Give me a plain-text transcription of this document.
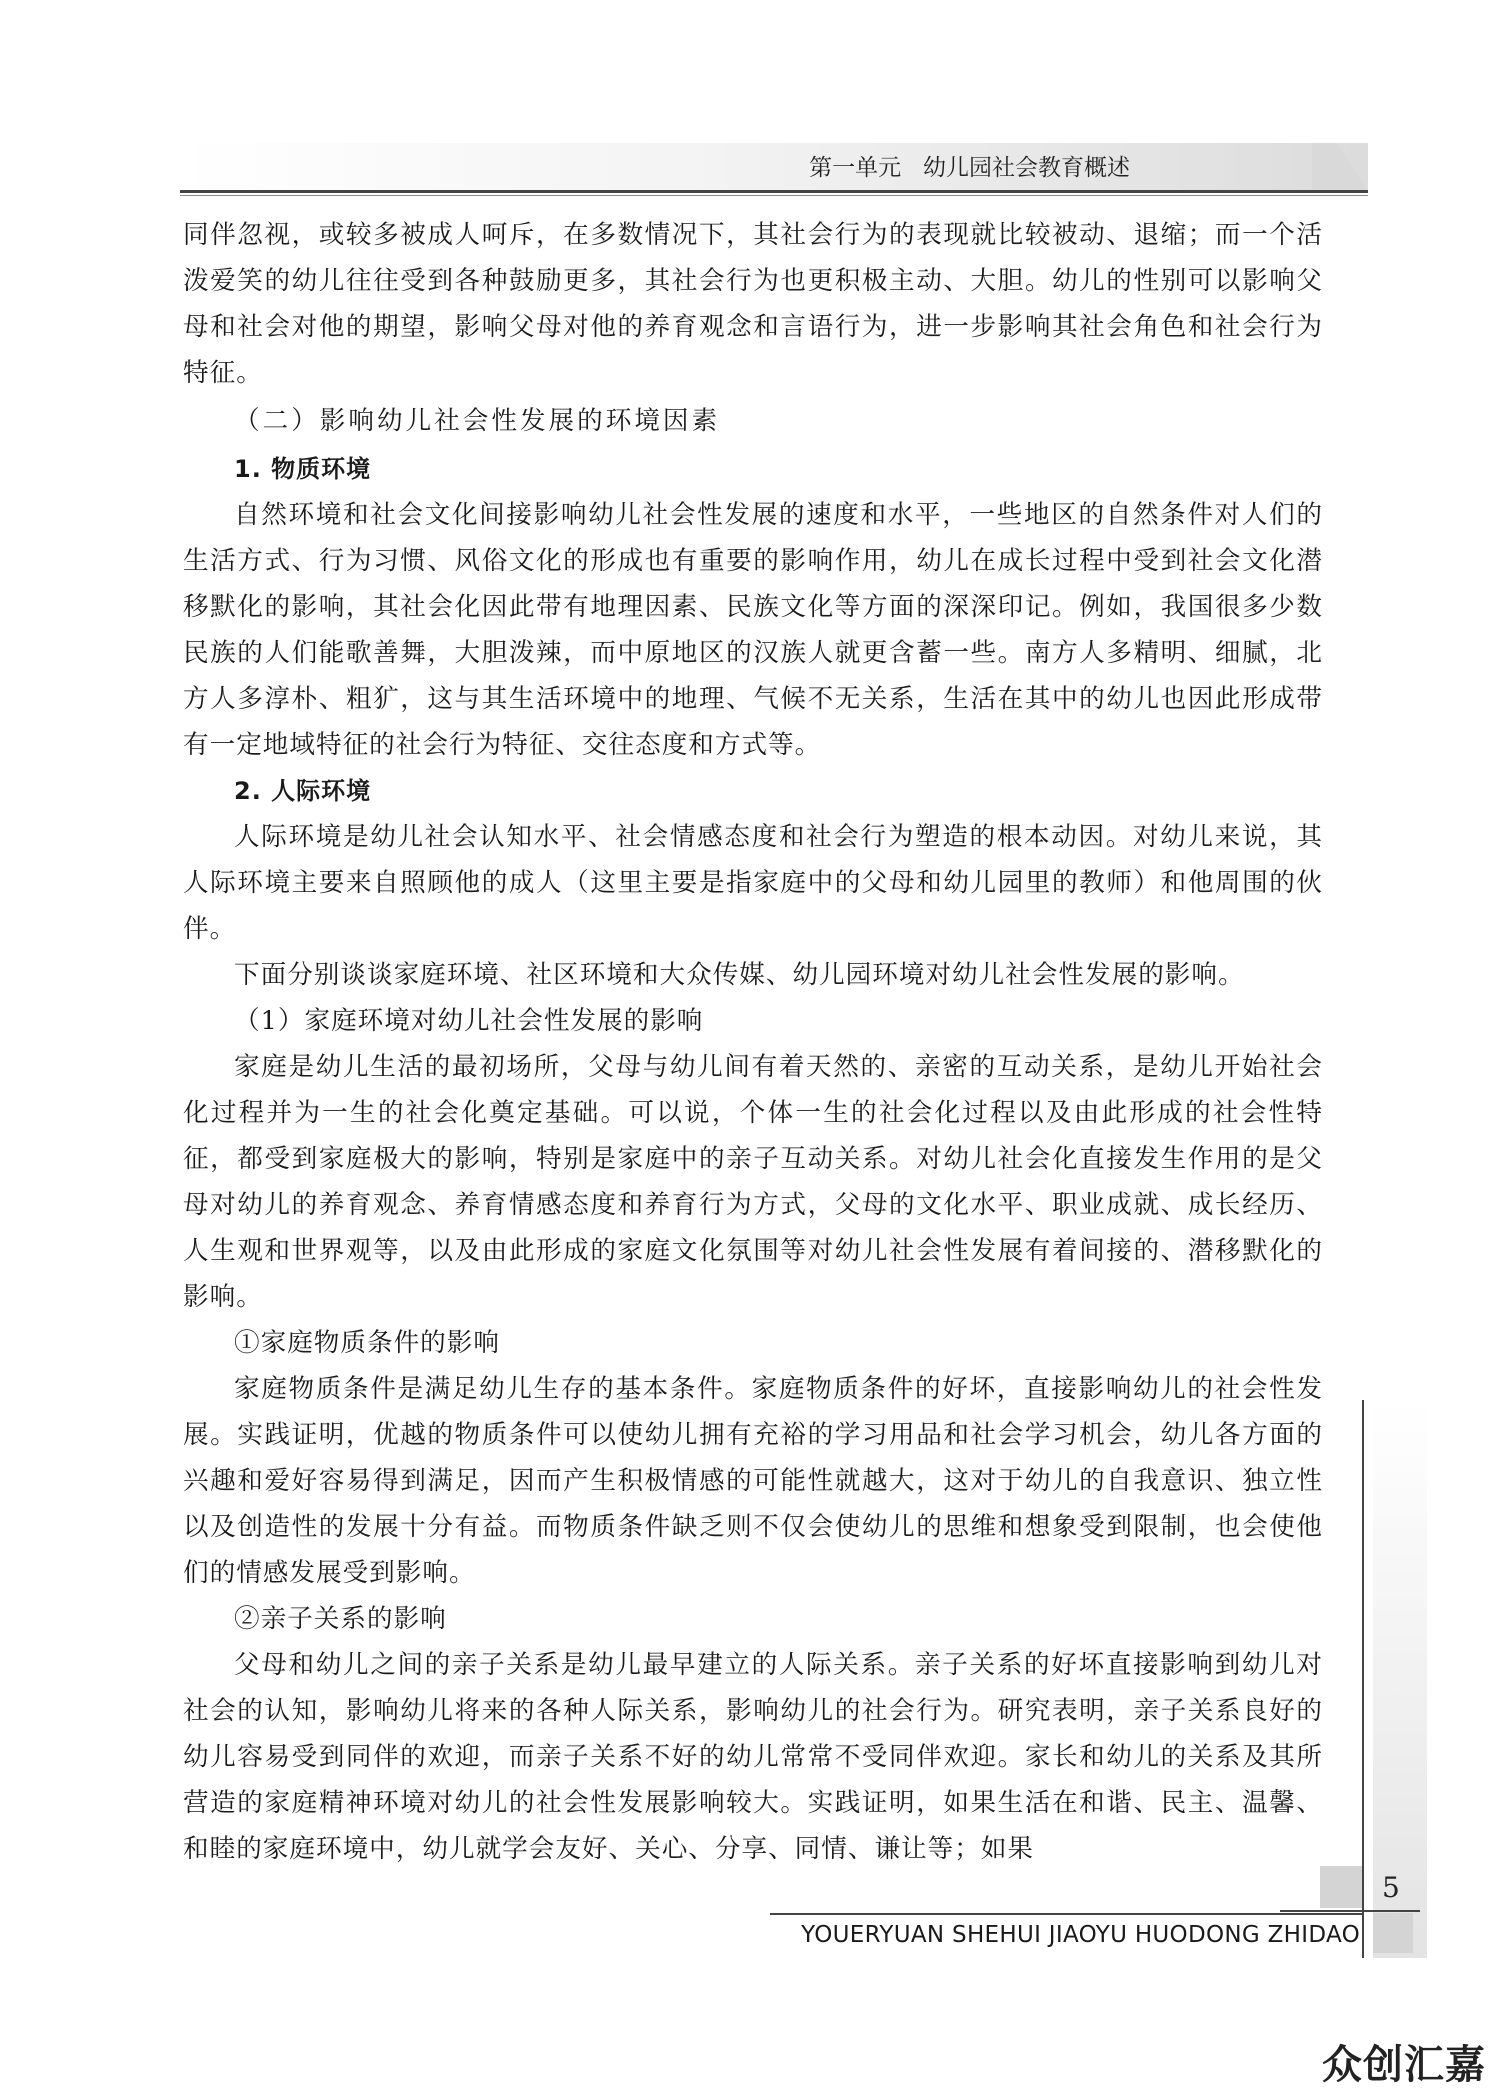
第一单元 幼儿园社会教育概述

同伴忽视，或较多被成人呵斥，在多数情况下，其社会行为的表现就比较被动、退缩；而一个活泼爱笑的幼儿往往受到各种鼓励更多，其社会行为也更积极主动、大胆。幼儿的性别可以影响父母和社会对他的期望，影响父母对他的养育观念和言语行为，进一步影响其社会角色和社会行为特征。

（二）影响幼儿社会性发展的环境因素

1. 物质环境

自然环境和社会文化间接影响幼儿社会性发展的速度和水平，一些地区的自然条件对人们的生活方式、行为习惯、风俗文化的形成也有重要的影响作用，幼儿在成长过程中受到社会文化潜移默化的影响，其社会化因此带有地理因素、民族文化等方面的深深印记。例如，我国很多少数民族的人们能歌善舞，大胆泼辣，而中原地区的汉族人就更含蓄一些。南方人多精明、细腻，北方人多淳朴、粗犷，这与其生活环境中的地理、气候不无关系，生活在其中的幼儿也因此形成带有一定地域特征的社会行为特征、交往态度和方式等。

2. 人际环境

人际环境是幼儿社会认知水平、社会情感态度和社会行为塑造的根本动因。对幼儿来说，其人际环境主要来自照顾他的成人（这里主要是指家庭中的父母和幼儿园里的教师）和他周围的伙伴。

下面分别谈谈家庭环境、社区环境和大众传媒、幼儿园环境对幼儿社会性发展的影响。

（1）家庭环境对幼儿社会性发展的影响

家庭是幼儿生活的最初场所，父母与幼儿间有着天然的、亲密的互动关系，是幼儿开始社会化过程并为一生的社会化奠定基础。可以说，个体一生的社会化过程以及由此形成的社会性特征，都受到家庭极大的影响，特别是家庭中的亲子互动关系。对幼儿社会化直接发生作用的是父母对幼儿的养育观念、养育情感态度和养育行为方式，父母的文化水平、职业成就、成长经历、人生观和世界观等，以及由此形成的家庭文化氛围等对幼儿社会性发展有着间接的、潜移默化的影响。

①家庭物质条件的影响

家庭物质条件是满足幼儿生存的基本条件。家庭物质条件的好坏，直接影响幼儿的社会性发展。实践证明，优越的物质条件可以使幼儿拥有充裕的学习用品和社会学习机会，幼儿各方面的兴趣和爱好容易得到满足，因而产生积极情感的可能性就越大，这对于幼儿的自我意识、独立性以及创造性的发展十分有益。而物质条件缺乏则不仅会使幼儿的思维和想象受到限制，也会使他们的情感发展受到影响。

②亲子关系的影响

父母和幼儿之间的亲子关系是幼儿最早建立的人际关系。亲子关系的好坏直接影响到幼儿对社会的认知，影响幼儿将来的各种人际关系，影响幼儿的社会行为。研究表明，亲子关系良好的幼儿容易受到同伴的欢迎，而亲子关系不好的幼儿常常不受同伴欢迎。家长和幼儿的关系及其所营造的家庭精神环境对幼儿的社会性发展影响较大。实践证明，如果生活在和谐、民主、温馨、和睦的家庭环境中，幼儿就学会友好、关心、分享、同情、谦让等；如果

5
YOUERYUAN SHEHUI JIAOYU HUODONG ZHIDAO
众创汇嘉
